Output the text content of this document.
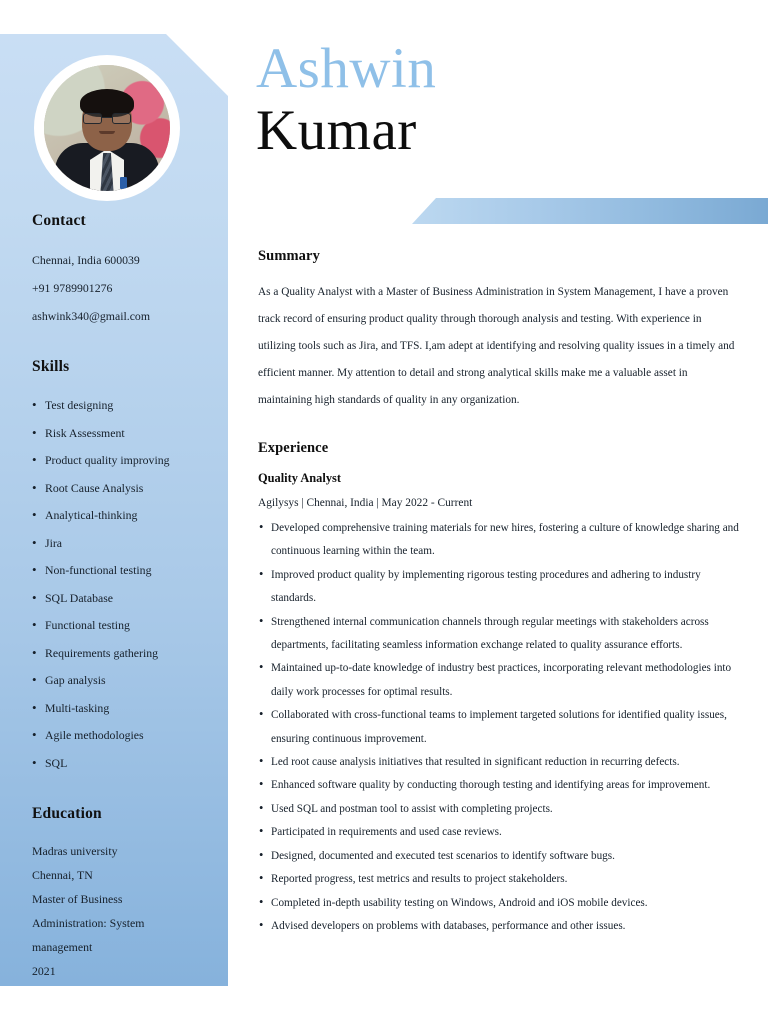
Ashwin
Kumar
Contact

Chennai, India 600039

+91 9789901276

ashwink340@gmail.com

Skills
• Test designing
• Risk Assessment
• Product quality improving
• Root Cause Analysis
• Analytical-thinking
• Jira
• Non-functional testing
• SQL Database
• Functional testing
• Requirements gathering
• Gap analysis
• Multi-tasking
• Agile methodologies
• SQL
Education
Madras university
Chennai, TN
Master of Business
Administration: System
management
2021
Summary

As a Quality Analyst with a Master of Business Administration in System Management, I have a proven track record of ensuring product quality through thorough analysis and testing. With experience in utilizing tools such as Jira, and TFS. I,am adept at identifying and resolving quality issues in a timely and efficient manner. My attention to detail and strong analytical skills make me a valuable asset in maintaining high standards of quality in any organization.

Experience
Quality Analyst
Agilysys | Chennai, India | May 2022 - Current
• Developed comprehensive training materials for new hires, fostering a culture of knowledge sharing and continuous learning within the team.
• Improved product quality by implementing rigorous testing procedures and adhering to industry standards.
• Strengthened internal communication channels through regular meetings with stakeholders across departments, facilitating seamless information exchange related to quality assurance efforts.
• Maintained up-to-date knowledge of industry best practices, incorporating relevant methodologies into daily work processes for optimal results.
• Collaborated with cross-functional teams to implement targeted solutions for identified quality issues, ensuring continuous improvement.
• Led root cause analysis initiatives that resulted in significant reduction in recurring defects.
• Enhanced software quality by conducting thorough testing and identifying areas for improvement.
• Used SQL and postman tool to assist with completing projects.
• Participated in requirements and used case reviews.
• Designed, documented and executed test scenarios to identify software bugs.
• Reported progress, test metrics and results to project stakeholders.
• Completed in-depth usability testing on Windows, Android and iOS mobile devices.
• Advised developers on problems with databases, performance and other issues.
